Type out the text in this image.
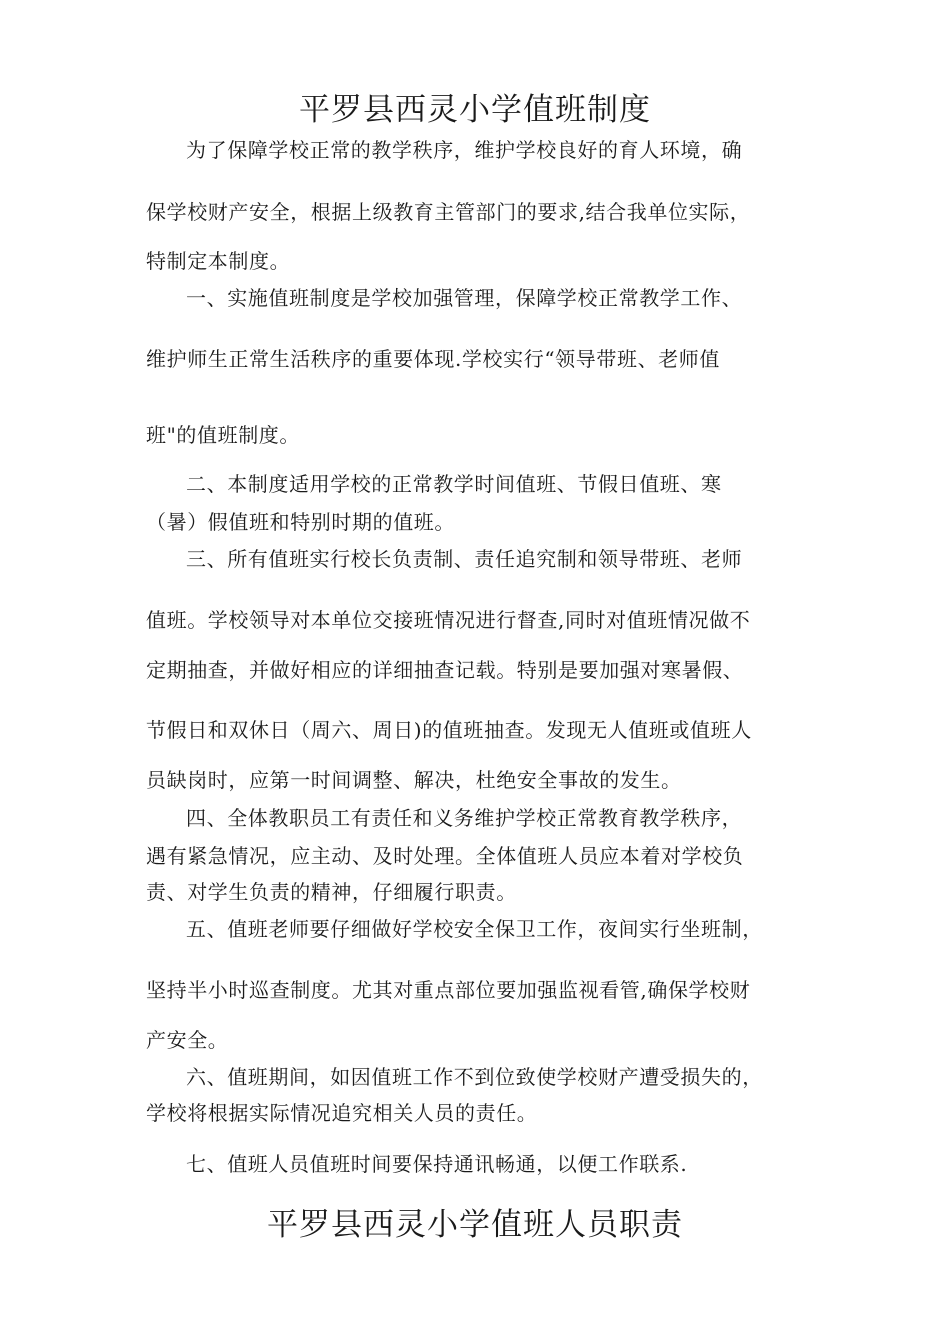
平罗县西灵小学值班制度
为了保障学校正常的教学秩序，维护学校良好的育人环境，确
保学校财产安全，根据上级教育主管部门的要求,结合我单位实际，
特制定本制度。
一、实施值班制度是学校加强管理，保障学校正常教学工作、
维护师生正常生活秩序的重要体现.学校实行“领导带班、老师值
班"的值班制度。
二、本制度适用学校的正常教学时间值班、节假日值班、寒
（暑）假值班和特别时期的值班。
三、所有值班实行校长负责制、责任追究制和领导带班、老师
值班。学校领导对本单位交接班情况进行督查,同时对值班情况做不
定期抽查，并做好相应的详细抽查记载。特别是要加强对寒暑假、
节假日和双休日（周六、周日)的值班抽查。发现无人值班或值班人
员缺岗时，应第一时间调整、解决，杜绝安全事故的发生。
四、全体教职员工有责任和义务维护学校正常教育教学秩序，
遇有紧急情况，应主动、及时处理。全体值班人员应本着对学校负
责、对学生负责的精神，仔细履行职责。
五、值班老师要仔细做好学校安全保卫工作，夜间实行坐班制，
坚持半小时巡查制度。尤其对重点部位要加强监视看管,确保学校财
产安全。
六、值班期间，如因值班工作不到位致使学校财产遭受损失的，
学校将根据实际情况追究相关人员的责任。
七、值班人员值班时间要保持通讯畅通，以便工作联系.
平罗县西灵小学值班人员职责
